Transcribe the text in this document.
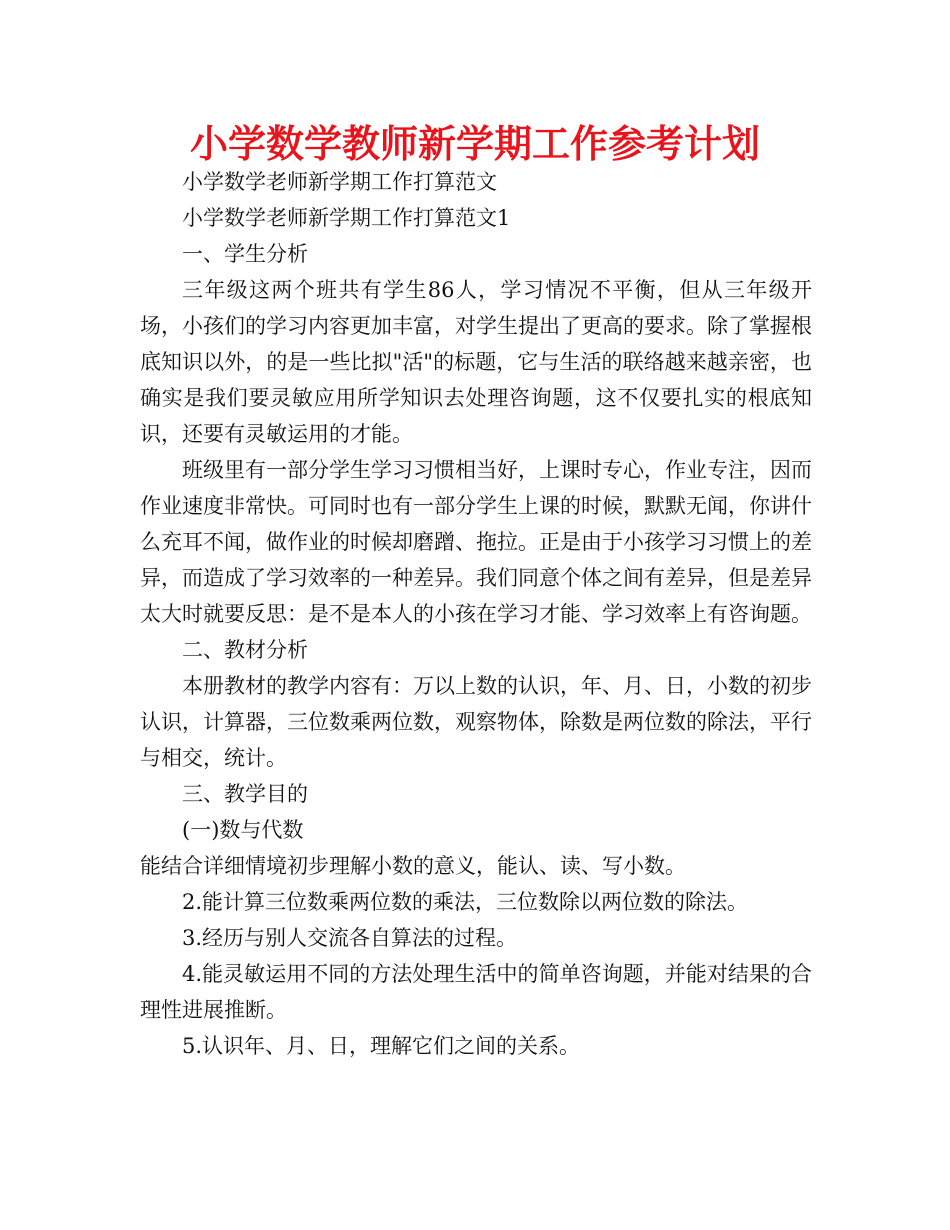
小学数学教师新学期工作参考计划

小学数学老师新学期工作打算范文

小学数学老师新学期工作打算范文1

一、学生分析

三年级这两个班共有学生86人，学习情况不平衡，但从三年级开场，小孩们的学习内容更加丰富，对学生提出了更高的要求。除了掌握根底知识以外，的是一些比拟"活"的标题，它与生活的联络越来越亲密，也确实是我们要灵敏应用所学知识去处理咨询题，这不仅要扎实的根底知识，还要有灵敏运用的才能。

班级里有一部分学生学习习惯相当好，上课时专心，作业专注，因而作业速度非常快。可同时也有一部分学生上课的时候，默默无闻，你讲什么充耳不闻，做作业的时候却磨蹭、拖拉。正是由于小孩学习习惯上的差异，而造成了学习效率的一种差异。我们同意个体之间有差异，但是差异太大时就要反思：是不是本人的小孩在学习才能、学习效率上有咨询题。

二、教材分析

本册教材的教学内容有：万以上数的认识，年、月、日，小数的初步认识，计算器，三位数乘两位数，观察物体，除数是两位数的除法，平行与相交，统计。

三、教学目的

(一)数与代数

能结合详细情境初步理解小数的意义，能认、读、写小数。

2.能计算三位数乘两位数的乘法，三位数除以两位数的除法。

3.经历与别人交流各自算法的过程。

4.能灵敏运用不同的方法处理生活中的简单咨询题，并能对结果的合理性进展推断。

5.认识年、月、日，理解它们之间的关系。
